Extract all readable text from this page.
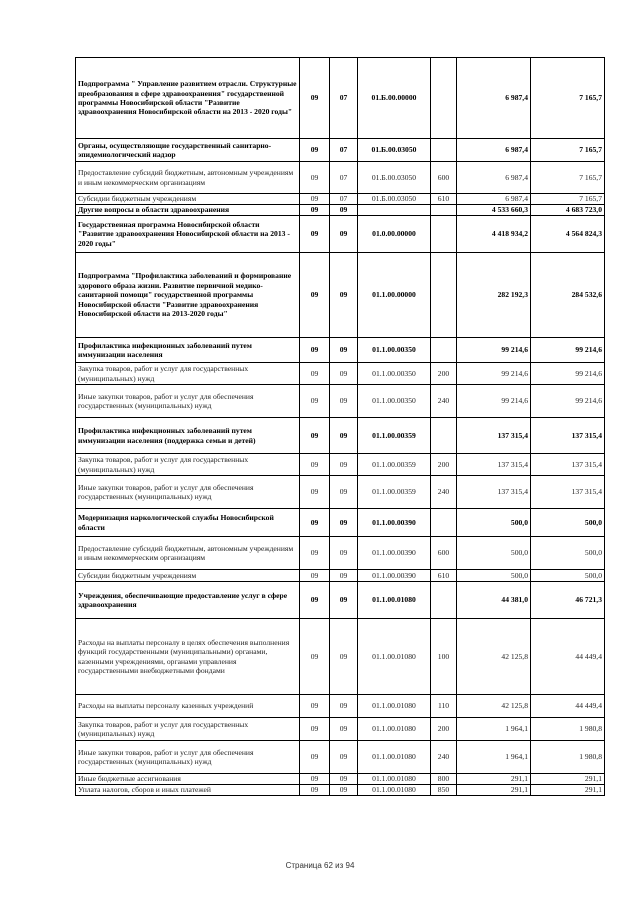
Подпрограмма " Управление развитием отрасли. Структурные преобразования в сфере здравоохранения" государственной программы Новосибирской области "Развитие здравоохранения Новосибирской области на 2013 - 2020 годы"	09	07	01.Б.00.00000		6 987,4	7 165,7
Органы, осуществляющие государственный санитарно-эпидемиологический надзор	09	07	01.Б.00.03050		6 987,4	7 165,7
Предоставление субсидий бюджетным, автономным учреждениям и иным некоммерческим организациям	09	07	01.Б.00.03050	600	6 987,4	7 165,7
Субсидии бюджетным учреждениям	09	07	01.Б.00.03050	610	6 987,4	7 165,7
Другие вопросы в области здравоохранения	09	09			4 533 660,3	4 683 723,0
Государственная программа Новосибирской области "Развитие здравоохранения Новосибирской области на 2013 - 2020 годы"	09	09	01.0.00.00000		4 418 934,2	4 564 824,3
Подпрограмма "Профилактика заболеваний и формирование здорового образа жизни. Развитие первичной медико-санитарной помощи" государственной программы Новосибирской области "Развитие здравоохранения Новосибирской области на 2013-2020 годы"	09	09	01.1.00.00000		282 192,3	284 532,6
Профилактика инфекционных заболеваний путем иммунизации населения	09	09	01.1.00.00350		99 214,6	99 214,6
Закупка товаров, работ и услуг для государственных (муниципальных) нужд	09	09	01.1.00.00350	200	99 214,6	99 214,6
Иные закупки товаров, работ и услуг для обеспечения государственных (муниципальных) нужд	09	09	01.1.00.00350	240	99 214,6	99 214,6
Профилактика инфекционных заболеваний путем иммунизации населения (поддержка семьи и детей)	09	09	01.1.00.00359		137 315,4	137 315,4
Закупка товаров, работ и услуг для государственных (муниципальных) нужд	09	09	01.1.00.00359	200	137 315,4	137 315,4
Иные закупки товаров, работ и услуг для обеспечения государственных (муниципальных) нужд	09	09	01.1.00.00359	240	137 315,4	137 315,4
Модернизация наркологической службы Новосибирской области	09	09	01.1.00.00390		500,0	500,0
Предоставление субсидий бюджетным, автономным учреждениям и иным некоммерческим организациям	09	09	01.1.00.00390	600	500,0	500,0
Субсидии бюджетным учреждениям	09	09	01.1.00.00390	610	500,0	500,0
Учреждения, обеспечивающие предоставление услуг в сфере здравоохранения	09	09	01.1.00.01080		44 381,0	46 721,3
Расходы на выплаты персоналу в целях обеспечения выполнения функций государственными (муниципальными) органами, казенными учреждениями, органами управления государственными внебюджетными фондами	09	09	01.1.00.01080	100	42 125,8	44 449,4
Расходы на выплаты персоналу казенных учреждений	09	09	01.1.00.01080	110	42 125,8	44 449,4
Закупка товаров, работ и услуг для государственных (муниципальных) нужд	09	09	01.1.00.01080	200	1 964,1	1 980,8
Иные закупки товаров, работ и услуг для обеспечения государственных (муниципальных) нужд	09	09	01.1.00.01080	240	1 964,1	1 980,8
Иные бюджетные ассигнования	09	09	01.1.00.01080	800	291,1	291,1
Уплата налогов, сборов и иных платежей	09	09	01.1.00.01080	850	291,1	291,1
Страница 62 из 94
